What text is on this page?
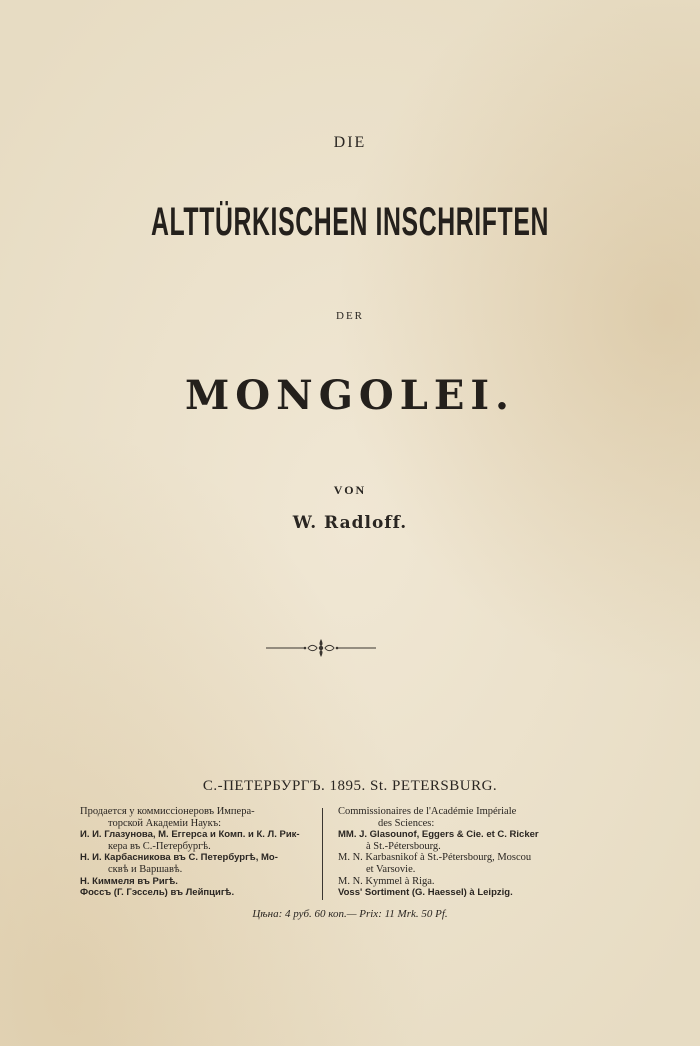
DIE
ALTTÜRKISCHEN INSCHRIFTEN
DER
MONGOLEI.
VON
W. Radloff.
С.-ПЕТЕРБУРГЪ. 1895. St. PETERSBURG.

Продается у коммиссіонеровъ Импера-

торской Академіи Наукъ:

И. И. Глазунова, М. Еггерса и Комп. и К. Л. Рик-

кера въ С.-Петербургѣ.

Н. И. Карбасникова въ С. Петербургѣ, Мо-

сквѣ и Варшавѣ.

Н. Киммеля въ Ригѣ.

Фоссъ (Г. Гэссель) въ Лейпцигѣ.

Commissionaires de l'Académie Impériale

des Sciences:

MM. J. Glasounof, Eggers & Cie. et C. Ricker

à St.-Pétersbourg.

M. N. Karbasnikof à St.-Pétersbourg, Moscou

et Varsovie.

M. N. Kymmel à Riga.

Voss' Sortiment (G. Haessel) à Leipzig.

Цѣна: 4 руб. 60 коп.— Prix: 11 Mrk. 50 Pf.
